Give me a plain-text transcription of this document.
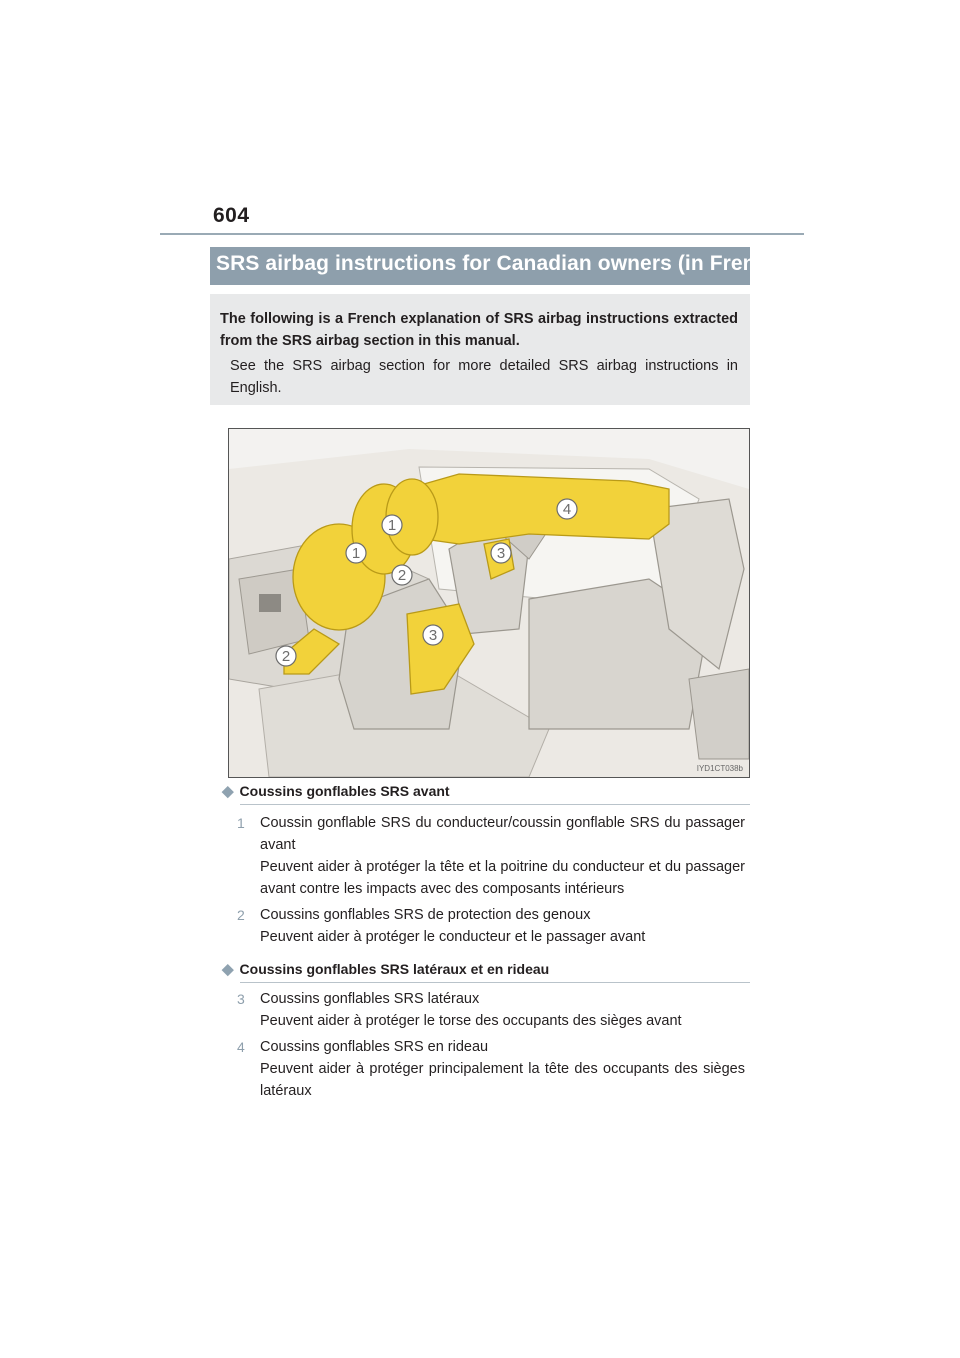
604
SRS airbag instructions for Canadian owners (in French)
The following is a French explanation of SRS airbag instructions extracted from the SRS airbag section in this manual.
See the SRS airbag section for more detailed SRS airbag instructions in English.
1
1
2
2
3
3
4
IYD1CT038b
◆ Coussins gonflables SRS avant
1 Coussin gonflable SRS du conducteur/coussin gonflable SRS du passager avant
Peuvent aider à protéger la tête et la poitrine du conducteur et du passager avant contre les impacts avec des composants intérieurs
2 Coussins gonflables SRS de protection des genoux
Peuvent aider à protéger le conducteur et le passager avant
◆ Coussins gonflables SRS latéraux et en rideau
3 Coussins gonflables SRS latéraux
Peuvent aider à protéger le torse des occupants des sièges avant
4 Coussins gonflables SRS en rideau
Peuvent aider à protéger principalement la tête des occupants des sièges latéraux
